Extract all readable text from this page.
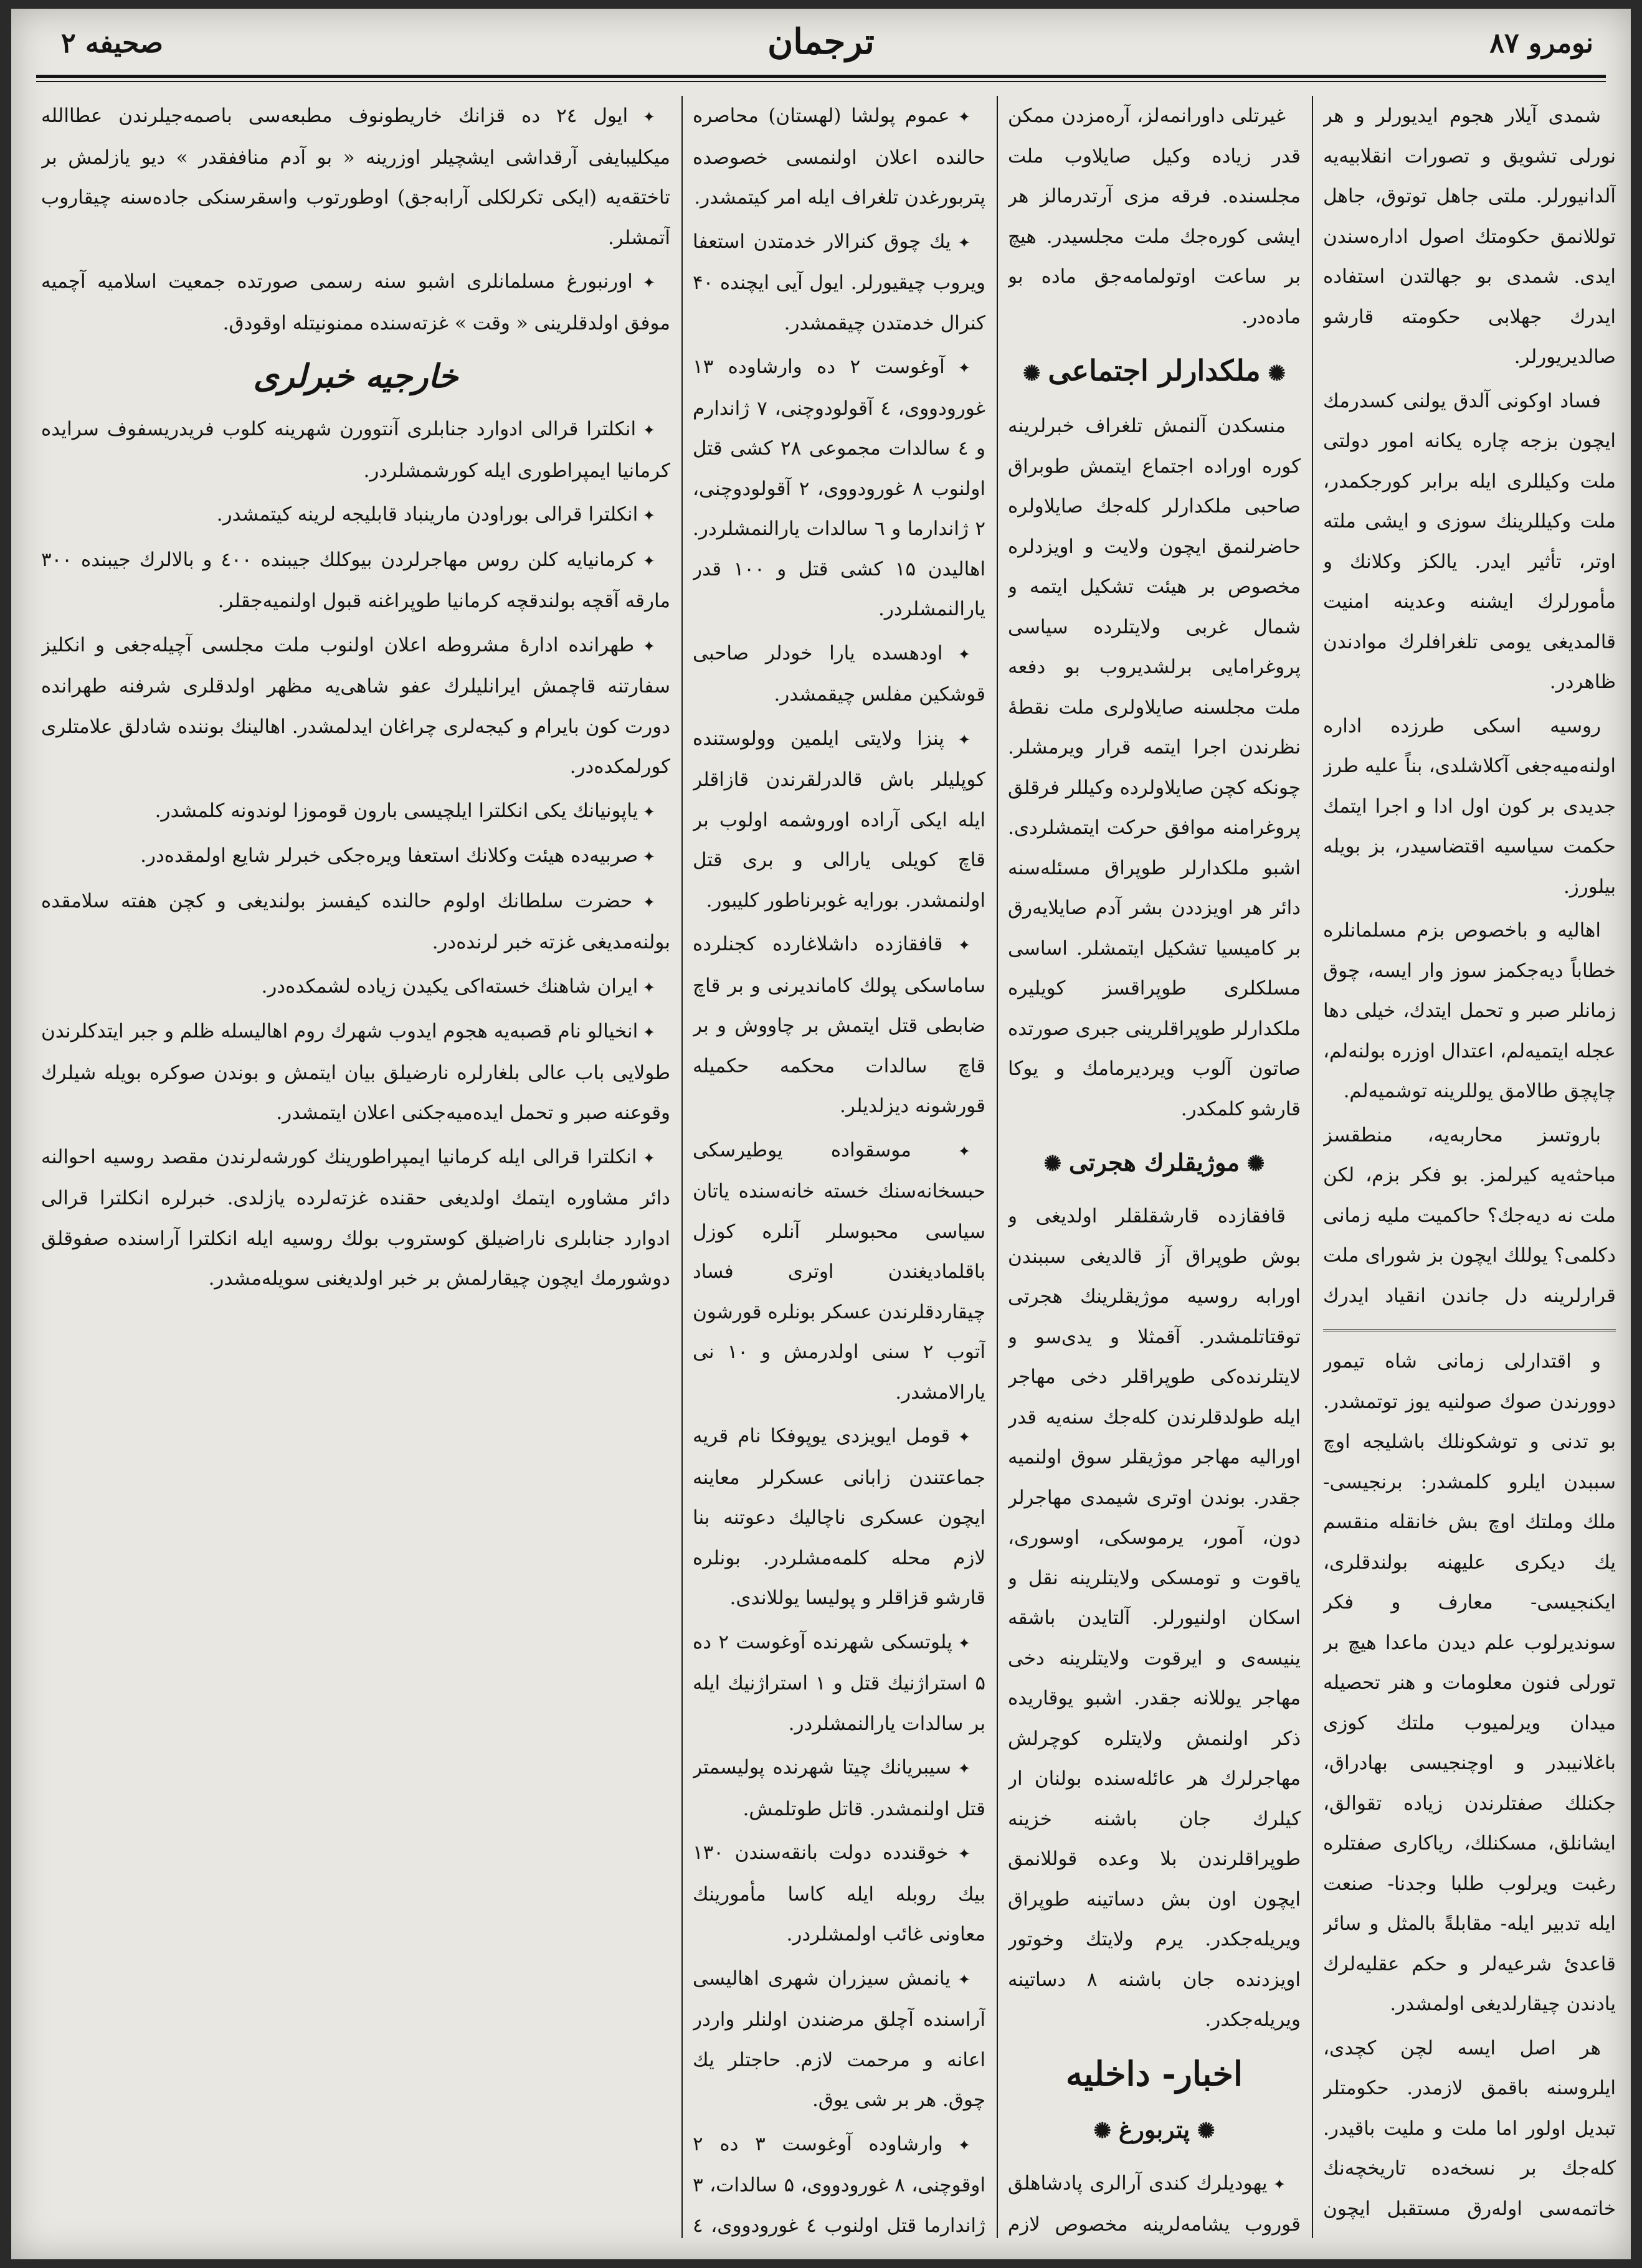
نومرو ۸۷
ترجمان
صحيفه ۲

شمدی آيلار هجوم ايديورلر و هر نورلی تشويق و تصورات انقلابيه‌يه آلدانيورلر. ملتی جاهل توتوق، جاهل توللانمق حكومتك اصول اداره‌سندن ايدی. شمدی بو جهالتدن استفاده ايدرك جهلابی حكومته قارشو صالديريورلر.

فساد اوكونی آلدق يولنی كسدرمك ايچون بزجه چاره يكانه امور دولتی ملت وكيللری ايله برابر كورجكمدر، ملت وكيللرينك سوزی و ايشی ملته اوتر، تأثير ايدر. يالكز وكلانك و مأمورلرك ايشنه وعدينه امنيت قالمديغی يومی تلغرافلرك موادندن ظاهردر.

روسيه اسكی طرزده اداره اولنه‌ميه‌جغی آكلاشلدی، بناً عليه طرز جديدی بر كون اول ادا و اجرا ايتمك حكمت سياسيه اقتضاسيدر، بز بويله بيلورز.

اهاليه و باخصوص بزم مسلمانلره خطاباً ديه‌جكمز سوز وار ايسه، چوق زمانلر صبر و تحمل ايتدك، خيلی دها عجله ايتميه‌لم، اعتدال اوزره بولنه‌لم، چاپچق طالامق يوللرينه توشميه‌لم.

باروتسز محاربه‌يه، منطقسز مباحثه‌يه كيرلمز. بو فكر بزم، لكن ملت نه ديه‌جك؟ حاكميت مليه زمانی دكلمی؟ يوللك ايچون بز شورای ملت قرارلرينه دل جاندن انقياد ايدرك

و اقتدارلی زمانی شاه تيمور دوورندن صوك صولنيه يوز توتمشدر. بو تدنی و توشكونلك باشليجه اوچ سببدن ايلرو كلمشدر: برنجيسی- ملك وملتك اوچ بش خانقله منقسم يك ديكری عليهنه بولندقلری، ايكنجيسی- معارف و فكر سونديرلوب علم ديدن ماعدا هيچ بر تورلی فنون معلومات و هنر تحصيله ميدان ويرلميوب ملتك كوزی باغلانيبدر و اوچنجيسی بهادراق، جكنلك صفتلرندن زياده تقوالق، ايشانلق، مسكنلك، رياكاری صفتلره رغبت ويرلوب طلبا وجدنا- صنعت ايله تدبير ايله- مقابلةً بالمثل و سائر قاعدئ شرعيه‌لر و حكم عقليه‌لرك يادندن چيقارلديغی اولمشدر.

هر اصل ايسه لچن كچدی، ايلروسنه باقمق لازمدر. حكومتلر تبديل اولور اما ملت و مليت باقيدر. كله‌جك بر نسخه‌ده تاريخچه‌نك خاتمه‌سی اوله‌رق مستقبل ايچون

غيرتلی داورانمه‌لز، آره‌مزدن ممكن قدر زياده وكيل صايلاوب ملت مجلسنده. فرقه مزی آرتدرمالز هر ايشی كوره‌جك ملت مجلسيدر. هيچ بر ساعت اوتولمامه‌جق ماده بو ماده‌در.

✺ ملكدارلر اجتماعی ✺

منسكدن آلنمش تلغراف خبرلرينه كوره اوراده اجتماع ايتمش طوبراق صاحبی ملكدارلر كله‌جك صايلاولره حاضرلنمق ايچون ولايت و اويزدلره مخصوص بر هيئت تشكيل ايتمه و شمال غربی ولايتلرده سياسی پروغرامايی برلشديروب بو دفعه ملت مجلسنه صايلاولری ملت نقطهٔ نظرندن اجرا ايتمه قرار ويرمشلر. چونكه كچن صايلاولرده وكيللر فرقلق پروغرامنه موافق حركت ايتمشلردی. اشبو ملكدارلر طوپراق مسئله‌سنه دائر هر اويزددن بشر آدم صايلايه‌رق بر كاميسيا تشكيل ايتمشلر. اساسی مسلكلری طوپراقسز كويليره ملكدارلر طوپراقلرينی جبری صورتده صاتون آلوب ويرديرمامك و يوكا قارشو كلمكدر.

✺ موژيقلرك هجرتی ✺

قافقازده قارشقلقلر اولديغی و بوش طوپراق آز قالديغی سببندن اورابه روسيه موژيقلرينك هجرتی توقتاتلمشدر. آقمثلا و يدی‌سو و لايتلرنده‌كی طوپراقلر دخی مهاجر ايله طولدقلرندن كله‌جك سنه‌يه قدر اوراليه مهاجر موژيقلر سوق اولنميه جقدر. بوندن اوتری شيمدی مهاجرلر دون، آمور، يرموسكی، اوسوری، ياقوت و تومسكی ولايتلرينه نقل و اسكان اولنيورلر. آلتايدن باشقه ينيسه‌ی و ايرقوت ولايتلرينه دخی مهاجر يوللانه جقدر. اشبو يوقاريده ذكر اولنمش ولايتلره كوچرلش مهاجرلرك هر عائله‌سنده بولنان ار كيلرك جان باشنه خزينه طوپراقلرندن بلا وعده قوللانمق ايچون اون بش دساتينه طوپراق ويريله‌جكدر. يرم ولايتك وخوتور اويزدنده جان باشنه ۸ دساتينه ويريله‌جكدر.

اخبار- داخليه
✺ پتربورغ ✺

✦ يهوديلرك كندی آرالری پادشاهلق قوروب يشامه‌لرينه مخصوص لازم

✦ عموم پولشا (لهستان) محاصره حالنده اعلان اولنمسی خصوصده پتربورغدن تلغراف ايله امر كيتمشدر.

✦ يك چوق كنرالار خدمتدن استعفا ويروب چيقيورلر. ايول آيی ايچنده ۴۰ كنرال خدمتدن چيقمشدر.

✦ آوغوست ۲ ده وارشاوده ۱۳ غورودووی، ٤ آقولودوچنی، ۷ ژاندارم و ٤ سالدات مجموعی ۲۸ كشی قتل اولنوب ۸ غورودووی، ۲ آقولودوچنی، ۲ ژاندارما و ٦ سالدات يارالنمشلردر. اهاليدن ۱۵ كشی قتل و ۱۰۰ قدر يارالنمشلردر.

✦ اودهسده يارا خودلر صاحبی قوشكين مفلس چيقمشدر.

✦ پنزا ولايتی ايلمين وولوستنده كوپليلر باش قالدرلقرندن قازاقلر ايله ايكی آراده اوروشمه اولوب بر قاچ كويلی يارالی و بری قتل اولنمشدر. بورايه غوبرناطور كليبور.

✦ قافقازده داشلاغارده كجنلرده ساماسكی پولك كاماندیرنی و بر قاچ ضابطی قتل ايتمش بر چاووش و بر قاچ سالدات محكمه حكميله قورشونه ديزلديلر.

✦ موسقواده يوطيرسكی حبسخانه‌سنك خسته خانه‌سنده ياتان سياسی محبوسلر آنلره كوزل باقلماديغندن اوتری فساد چيقاردقلرندن عسكر بونلره قورشون آتوب ۲ سنی اولدرمش و ۱۰ نی يارالامشدر.

✦ قومل ايويزدی يوپوفكا نام قريه جماعتندن زابانی عسكرلر معاينه ايچون عسكری ناچاليك دعوتنه بنا لازم محله كلمه‌مشلردر. بونلره قارشو قزاقلر و پوليسا يوللاندی.

✦ پلوتسكی شهرنده آوغوست ۲ ده ۵ استراژنيك قتل و ۱ استراژنيك ايله بر سالدات يارالنمشلردر.

✦ سيبريانك چيتا شهرنده پوليسمتر قتل اولنمشدر. قاتل طوتلمش.

✦ خوقندده دولت بانقه‌سندن ۱۳۰ بيك روبله ايله كاسا مأمورينك معاونی غائب اولمشلردر.

✦ يانمش سيزران شهری اهاليسی آراسنده آچلق مرضندن اولنلر واردر اعانه و مرحمت لازم. حاجتلر يك چوق. هر بر شی يوق.

✦ وارشاوده آوغوست ۳ ده ۲ اوقوچنی، ۸ غورودووی، ۵ سالدات، ۳ ژاندارما قتل اولنوب ٤ غورودووی، ٤

✦ ايول ۲٤ ده قزانك خاريطونوف مطبعه‌سی باصمه‌جيلرندن عطاالله ميكليبايفی آرقداشی ايشچيلر اوزرينه « بو آدم مناففقدر » ديو يازلمش بر تاختقه‌يه (ايكی تكرلكلی آرابه‌جق) اوطورتوب واسقرسنكی جاده‌سنه چيقاروب آتمشلر.

✦ اورنبورغ مسلمانلری اشبو سنه رسمی صورتده جمعيت اسلاميه آچميه موفق اولدقلرينی « وقت » غزته‌سنده ممنونيتله اوقودق.

خارجيه خبرلری

✦ انكلترا قرالی ادوارد جنابلری آنتوورن شهرينه كلوب فريدريسفوف سرايده كرمانيا ايمپراطوری ايله كورشمشلردر.

✦ انكلترا قرالی بوراودن مارينباد قابليجه لرينه كيتمشدر.

✦ كرمانيايه كلن روس مهاجرلردن بيوكلك جيبنده ٤٠٠ و بالالرك جيبنده ۳۰۰ مارقه آقچه بولندقچه كرمانيا طوپراغنه قبول اولنميه‌جقلر.

✦ طهرانده ادارهٔ مشروطه اعلان اولنوب ملت مجلسی آچيله‌جغی و انكليز سفارتنه قاچمش ايرانليلرك عفو شاهی‌يه مظهر اولدقلری شرفنه طهرانده دورت كون بايرام و كيجه‌لری چراغان ايدلمشدر. اهالينك بوننده شادلق علامتلری كورلمكده‌در.

✦ ياپونيانك يكی انكلترا ايلچيسی بارون قوموزا لوندونه كلمشدر.

✦ صربيه‌ده هيئت وكلانك استعفا ويره‌جكی خبرلر شايع اولمقده‌در.

✦ حضرت سلطانك اولوم حالنده كيفسز بولنديغی و كچن هفته سلامقده بولنه‌مديغی غزته خبر لرنده‌در.

✦ ايران شاهنك خسته‌اكی يكيدن زياده لشمكده‌در.

✦ انخيالو نام قصبه‌يه هجوم ايدوب شهرك روم اهاليسله ظلم و جبر ايتدكلرندن طولايی باب عالی بلغارلره نارضيلق بيان ايتمش و بوندن صوكره بويله شيلرك وقوعنه صبر و تحمل ايده‌ميه‌جكنی اعلان ايتمشدر.

✦ انكلترا قرالی ايله كرمانيا ايمپراطورينك كورشه‌لرندن مقصد روسيه احوالنه دائر مشاوره ايتمك اولديغی حقنده غزته‌لرده يازلدی. خبرلره انكلترا قرالی ادوارد جنابلری ناراضيلق كوستروب بولك روسيه ايله انكلترا آراسنده صفوقلق دوشورمك ايچون چيقارلمش بر خبر اولدیغنی سويله‌مشدر.
